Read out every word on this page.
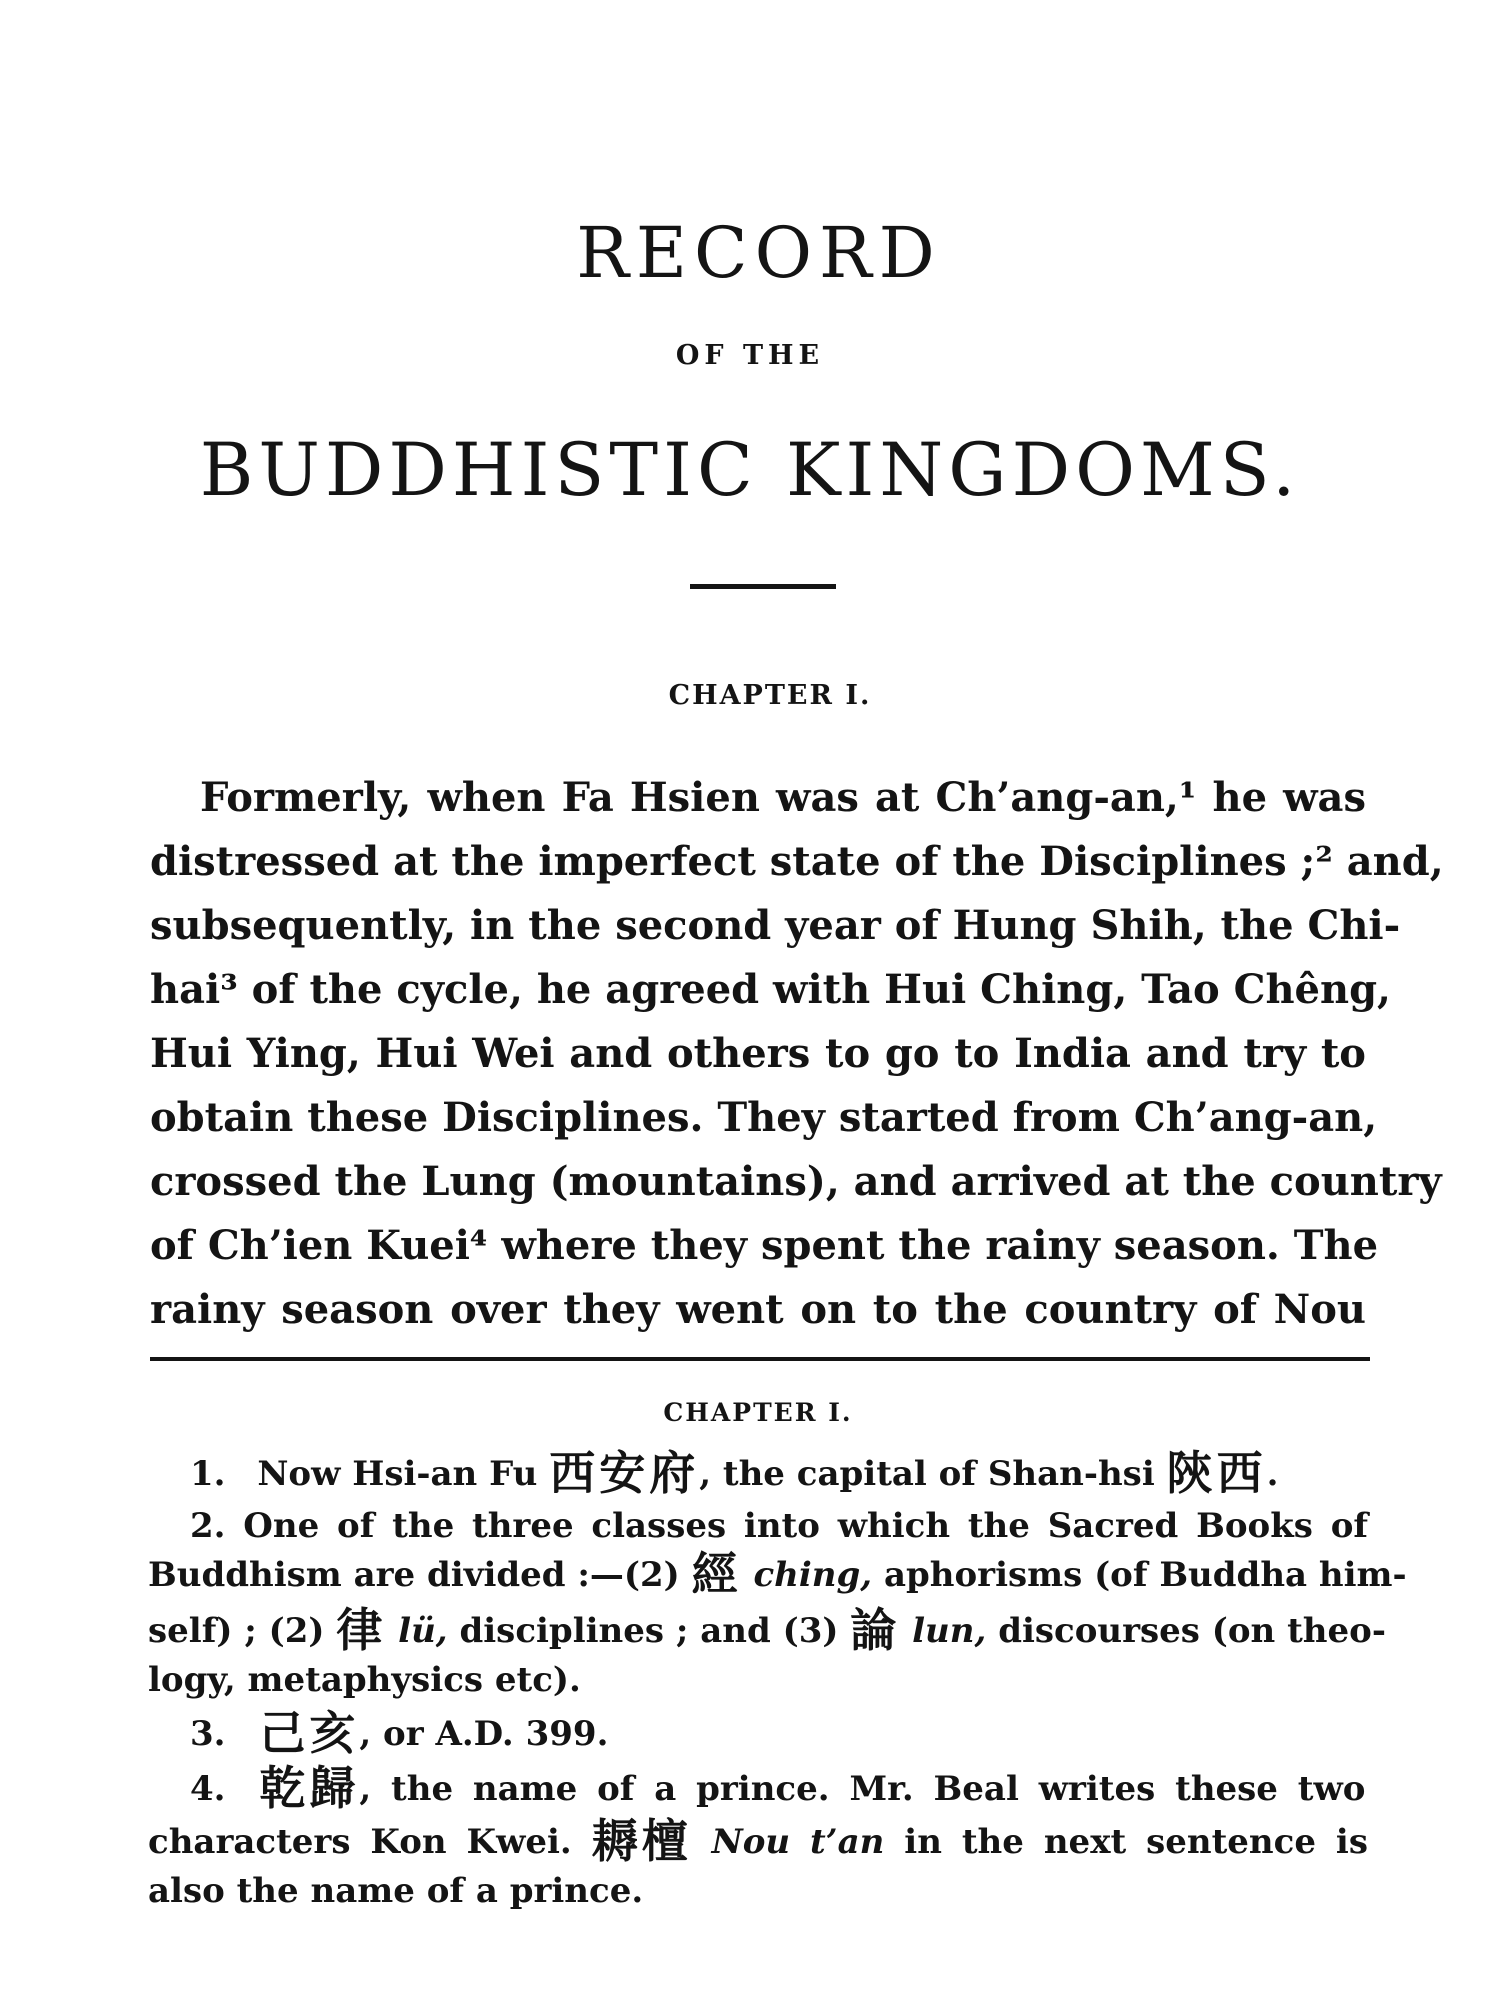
RECORD
OF THE
BUDDHISTIC KINGDOMS.
CHAPTER I.
Formerly, when Fa Hsien was at Ch’ang-an,¹ he was
distressed at the imperfect state of the Disciplines ;² and,
subsequently, in the second year of Hung Shih, the Chi-
hai³ of the cycle, he agreed with Hui Ching, Tao Chêng,
Hui Ying, Hui Wei and others to go to India and try to
obtain these Disciplines. They started from Ch’ang-an,
crossed the Lung (mountains), and arrived at the country
of Ch’ien Kuei⁴ where they spent the rainy season. The
rainy season over they went on to the country of Nou
CHAPTER I.
1. Now Hsi-an Fu 西安府, the capital of Shan-hsi 陝西.
2. One of the three classes into which the Sacred Books of
Buddhism are divided :—(2) 經 ching, aphorisms (of Buddha him-
self) ; (2) 律 lü, disciplines ; and (3) 論 lun, discourses (on theo-
logy, metaphysics etc).
3. 己亥, or A.D. 399.
4. 乾歸, the name of a prince. Mr. Beal writes these two
characters Kon Kwei. 耨檀 Nou t’an in the next sentence is
also the name of a prince.
